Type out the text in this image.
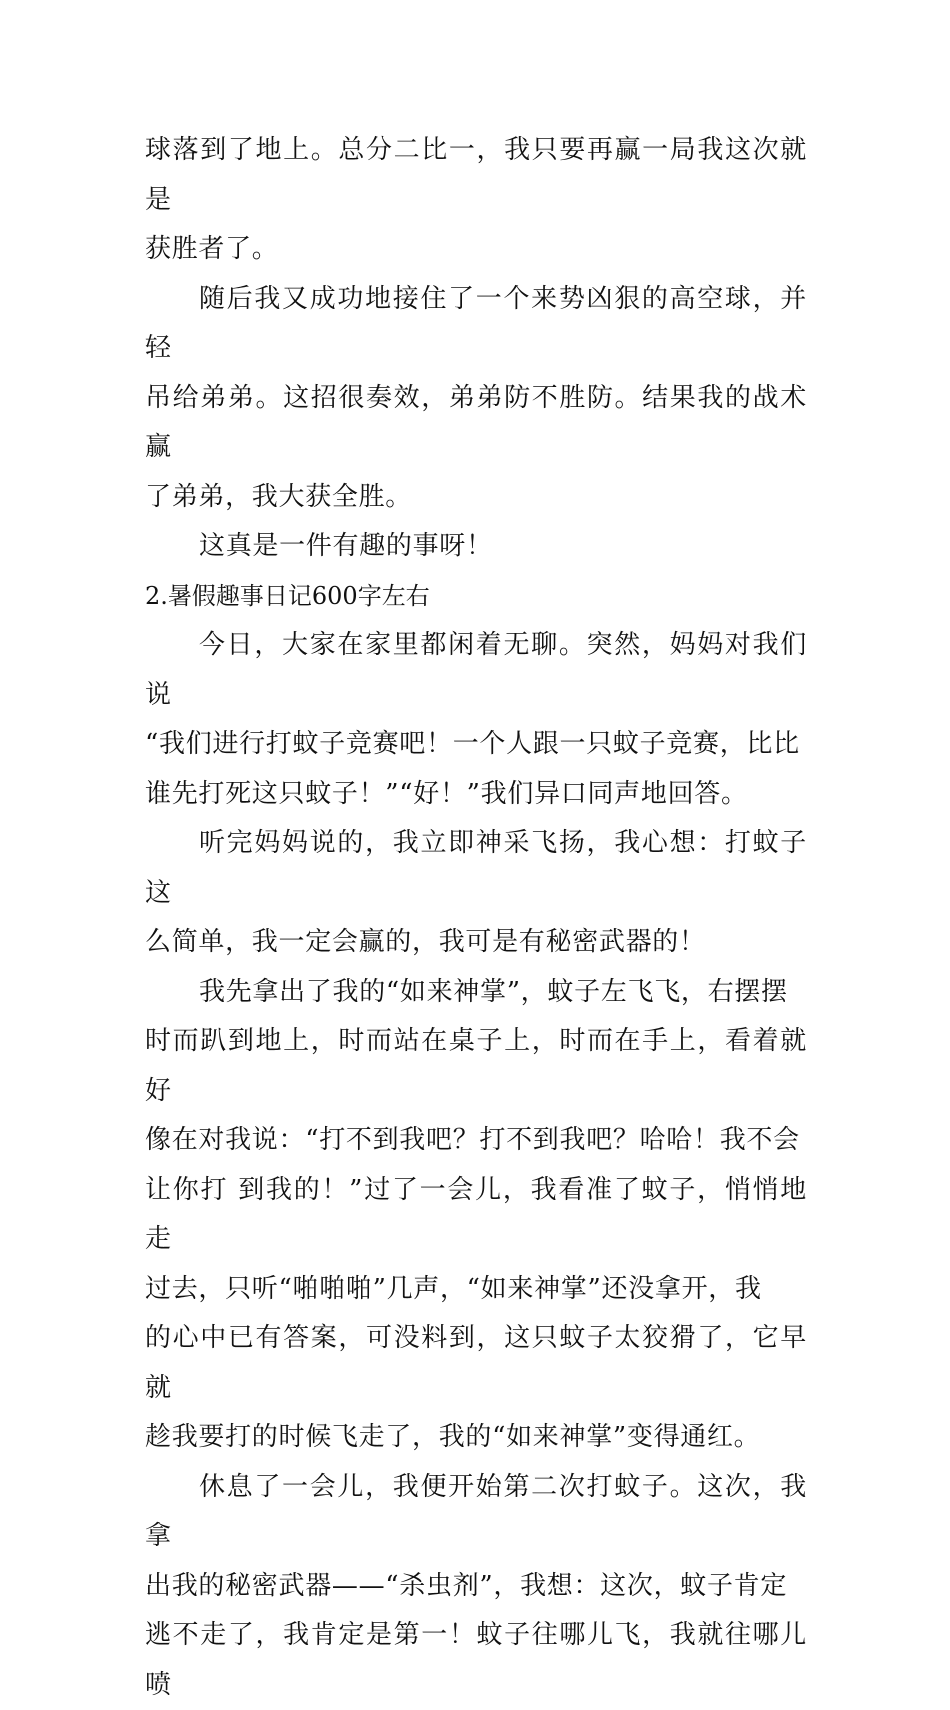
球落到了地上。总分二比一，我只要再赢一局我这次就是
获胜者了。

随后我又成功地接住了一个来势凶狠的高空球，并轻
吊给弟弟。这招很奏效，弟弟防不胜防。结果我的战术赢
了弟弟，我大获全胜。

这真是一件有趣的事呀！

2.暑假趣事日记600字左右

今日，大家在家里都闲着无聊。突然，妈妈对我们说
“我们进行打蚊子竞赛吧！一个人跟一只蚊子竞赛，比比
谁先打死这只蚊子！”“好！”我们异口同声地回答。

听完妈妈说的，我立即神采飞扬，我心想：打蚊子这
么简单，我一定会赢的，我可是有秘密武器的！

我先拿出了我的“如来神掌”，蚊子左飞飞，右摆摆
时而趴到地上，时而站在桌子上，时而在手上，看着就好
像在对我说：“打不到我吧？打不到我吧？哈哈！我不会
让你打 到我的！”过了一会儿，我看准了蚊子，悄悄地走
过去，只听“啪啪啪”几声，“如来神掌”还没拿开，我
的心中已有答案，可没料到，这只蚊子太狡猾了，它早就
趁我要打的时候飞走了，我的“如来神掌”变得通红。

休息了一会儿，我便开始第二次打蚊子。这次，我拿
出我的秘密武器——“杀虫剂”，我想：这次，蚊子肯定
逃不走了，我肯定是第一！蚊子往哪儿飞，我就往哪儿喷
